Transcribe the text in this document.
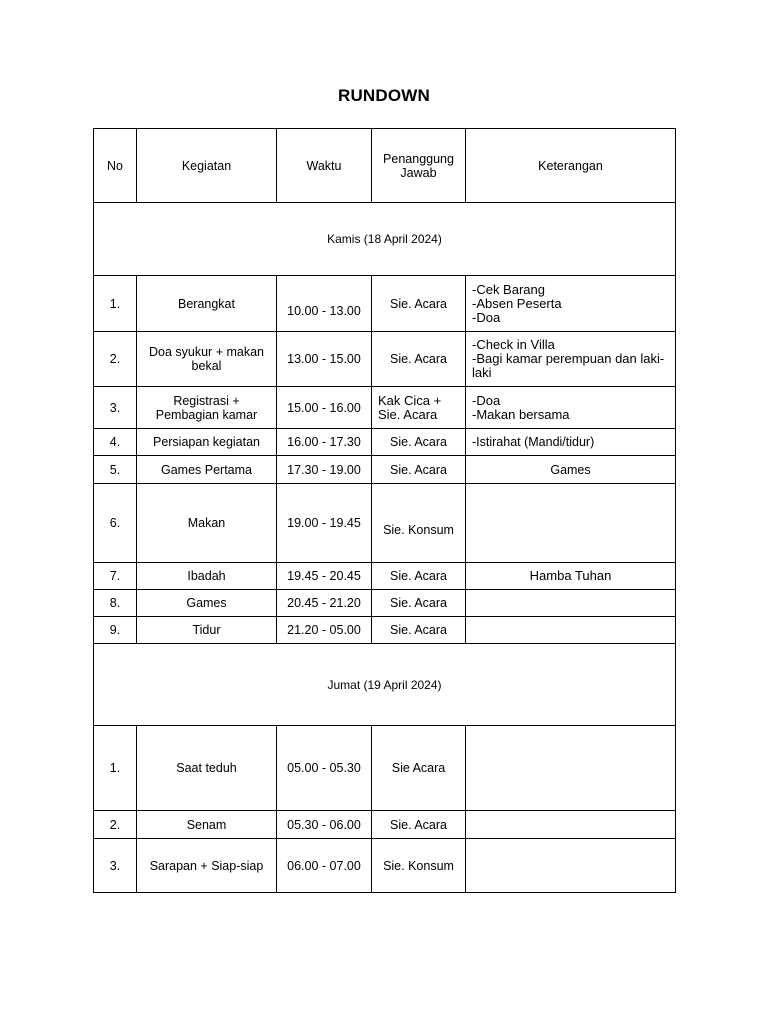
RUNDOWN
No	Kegiatan	Waktu	Penanggung Jawab	Keterangan
Kamis (18 April 2024)				
1.	Berangkat	10.00 - 13.00	Sie. Acara	-Cek Barang
-Absen Peserta
-Doa
2.	Doa syukur + makan bekal	13.00 - 15.00	Sie. Acara	-Check in Villa
-Bagi kamar perempuan dan laki-laki
3.	Registrasi + Pembagian kamar	15.00 - 16.00	Kak Cica + Sie. Acara	-Doa
-Makan bersama
4.	Persiapan kegiatan	16.00 - 17.30	Sie. Acara	-Istirahat (Mandi/tidur)
5.	Games Pertama	17.30 - 19.00	Sie. Acara	Games
6.	Makan	19.00 - 19.45	Sie. Konsum	
7.	Ibadah	19.45 - 20.45	Sie. Acara	Hamba Tuhan
8.	Games	20.45 - 21.20	Sie. Acara	
9.	Tidur	21.20 - 05.00	Sie. Acara	
Jumat (19 April 2024)				
1.	Saat teduh	05.00 - 05.30	Sie Acara	
2.	Senam	05.30 - 06.00	Sie. Acara	
3.	Sarapan + Siap-siap	06.00 - 07.00	Sie. Konsum	
